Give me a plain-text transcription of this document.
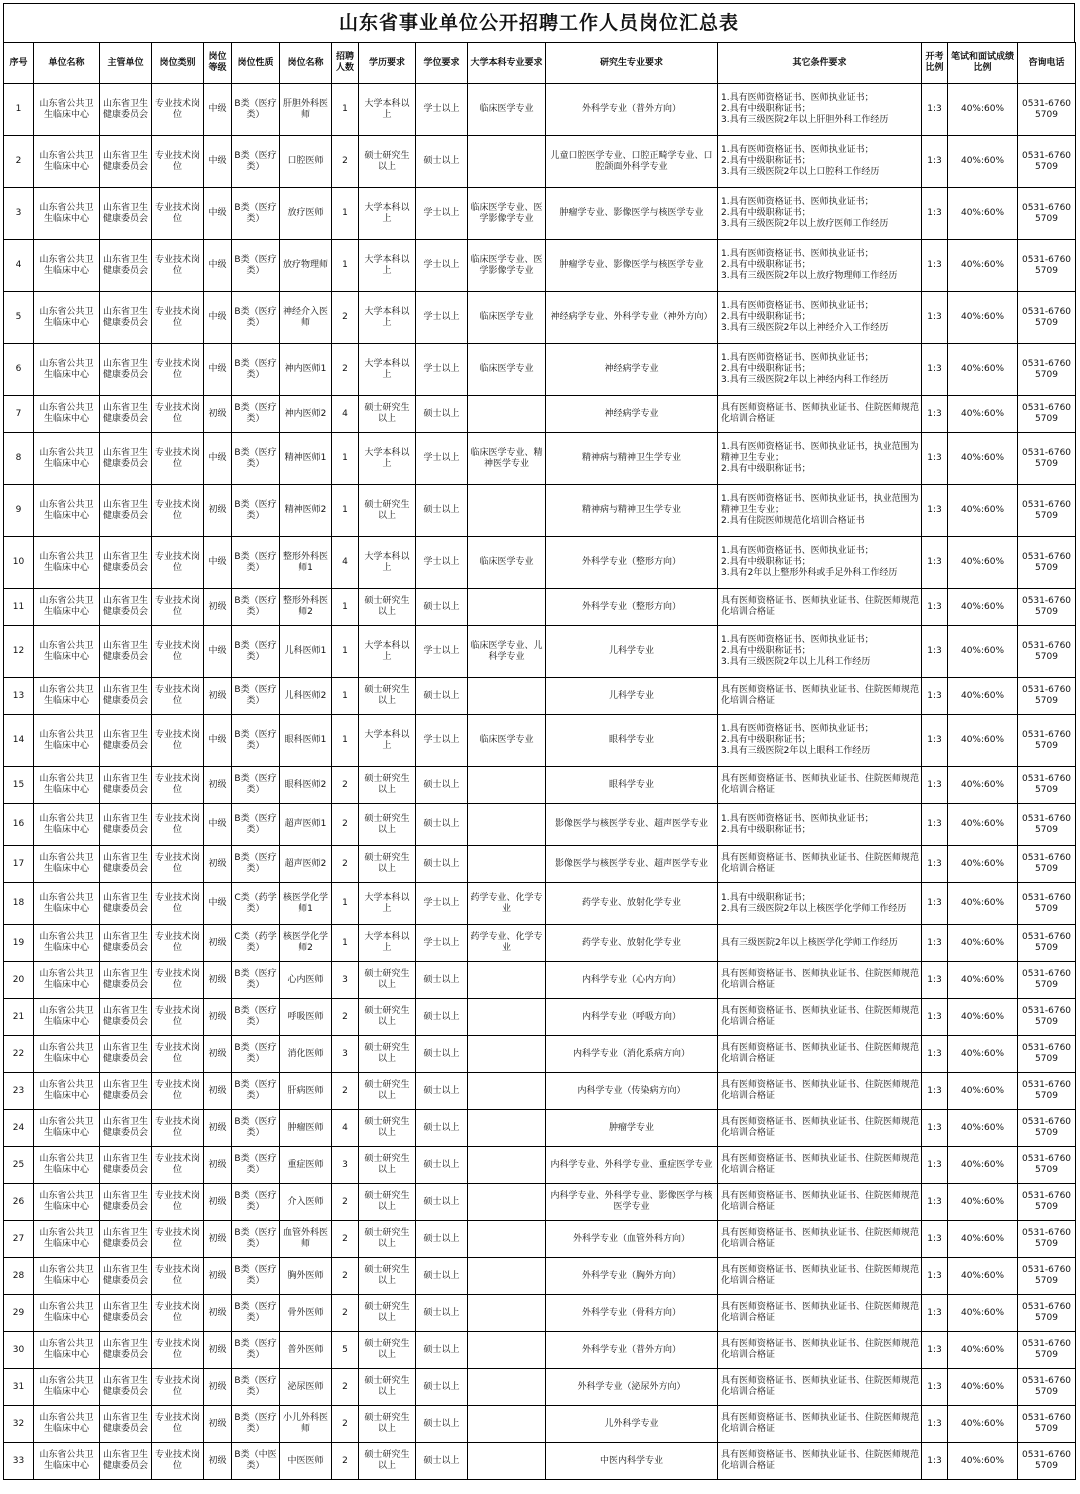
山东省事业单位公开招聘工作人员岗位汇总表
序号	单位名称	主管单位	岗位类别	岗位等级	岗位性质	岗位名称	招聘人数	学历要求	学位要求	大学本科专业要求	研究生专业要求	其它条件要求	开考比例	笔试和面试成绩比例	咨询电话
1	山东省公共卫生临床中心	山东省卫生健康委员会	专业技术岗位	中级	B类（医疗类）	肝胆外科医师	1	大学本科以上	学士以上	临床医学专业	外科学专业（普外方向）	1.具有医师资格证书、医师执业证书；
2.具有中级职称证书；
3.具有三级医院2年以上肝胆外科工作经历	1:3	40%:60%	0531-67605709
2	山东省公共卫生临床中心	山东省卫生健康委员会	专业技术岗位	中级	B类（医疗类）	口腔医师	2	硕士研究生以上	硕士以上		儿童口腔医学专业、口腔正畸学专业、口腔颌面外科学专业	1.具有医师资格证书、医师执业证书；
2.具有中级职称证书；
3.具有三级医院2年以上口腔科工作经历	1:3	40%:60%	0531-67605709
3	山东省公共卫生临床中心	山东省卫生健康委员会	专业技术岗位	中级	B类（医疗类）	放疗医师	1	大学本科以上	学士以上	临床医学专业、医学影像学专业	肿瘤学专业、影像医学与核医学专业	1.具有医师资格证书、医师执业证书；
2.具有中级职称证书；
3.具有三级医院2年以上放疗医师工作经历	1:3	40%:60%	0531-67605709
4	山东省公共卫生临床中心	山东省卫生健康委员会	专业技术岗位	中级	B类（医疗类）	放疗物理师	1	大学本科以上	学士以上	临床医学专业、医学影像学专业	肿瘤学专业、影像医学与核医学专业	1.具有医师资格证书、医师执业证书；
2.具有中级职称证书；
3.具有三级医院2年以上放疗物理师工作经历	1:3	40%:60%	0531-67605709
5	山东省公共卫生临床中心	山东省卫生健康委员会	专业技术岗位	中级	B类（医疗类）	神经介入医师	2	大学本科以上	学士以上	临床医学专业	神经病学专业、外科学专业（神外方向）	1.具有医师资格证书、医师执业证书；
2.具有中级职称证书；
3.具有三级医院2年以上神经介入工作经历	1:3	40%:60%	0531-67605709
6	山东省公共卫生临床中心	山东省卫生健康委员会	专业技术岗位	中级	B类（医疗类）	神内医师1	2	大学本科以上	学士以上	临床医学专业	神经病学专业	1.具有医师资格证书、医师执业证书；
2.具有中级职称证书；
3.具有三级医院2年以上神经内科工作经历	1:3	40%:60%	0531-67605709
7	山东省公共卫生临床中心	山东省卫生健康委员会	专业技术岗位	初级	B类（医疗类）	神内医师2	4	硕士研究生以上	硕士以上		神经病学专业	具有医师资格证书、医师执业证书、住院医师规范化培训合格证	1:3	40%:60%	0531-67605709
8	山东省公共卫生临床中心	山东省卫生健康委员会	专业技术岗位	中级	B类（医疗类）	精神医师1	1	大学本科以上	学士以上	临床医学专业、精神医学专业	精神病与精神卫生学专业	1.具有医师资格证书、医师执业证书，执业范围为精神卫生专业；
2.具有中级职称证书；	1:3	40%:60%	0531-67605709
9	山东省公共卫生临床中心	山东省卫生健康委员会	专业技术岗位	初级	B类（医疗类）	精神医师2	1	硕士研究生以上	硕士以上		精神病与精神卫生学专业	1.具有医师资格证书、医师执业证书，执业范围为精神卫生专业；
2.具有住院医师规范化培训合格证书	1:3	40%:60%	0531-67605709
10	山东省公共卫生临床中心	山东省卫生健康委员会	专业技术岗位	中级	B类（医疗类）	整形外科医师1	4	大学本科以上	学士以上	临床医学专业	外科学专业（整形方向）	1.具有医师资格证书、医师执业证书；
2.具有中级职称证书；
3.具有2年以上整形外科或手足外科工作经历	1:3	40%:60%	0531-67605709
11	山东省公共卫生临床中心	山东省卫生健康委员会	专业技术岗位	初级	B类（医疗类）	整形外科医师2	1	硕士研究生以上	硕士以上		外科学专业（整形方向）	具有医师资格证书、医师执业证书、住院医师规范化培训合格证	1:3	40%:60%	0531-67605709
12	山东省公共卫生临床中心	山东省卫生健康委员会	专业技术岗位	中级	B类（医疗类）	儿科医师1	1	大学本科以上	学士以上	临床医学专业、儿科学专业	儿科学专业	1.具有医师资格证书、医师执业证书；
2.具有中级职称证书；
3.具有三级医院2年以上儿科工作经历	1:3	40%:60%	0531-67605709
13	山东省公共卫生临床中心	山东省卫生健康委员会	专业技术岗位	初级	B类（医疗类）	儿科医师2	1	硕士研究生以上	硕士以上		儿科学专业	具有医师资格证书、医师执业证书、住院医师规范化培训合格证	1:3	40%:60%	0531-67605709
14	山东省公共卫生临床中心	山东省卫生健康委员会	专业技术岗位	中级	B类（医疗类）	眼科医师1	1	大学本科以上	学士以上	临床医学专业	眼科学专业	1.具有医师资格证书、医师执业证书；
2.具有中级职称证书；
3.具有三级医院2年以上眼科工作经历	1:3	40%:60%	0531-67605709
15	山东省公共卫生临床中心	山东省卫生健康委员会	专业技术岗位	初级	B类（医疗类）	眼科医师2	2	硕士研究生以上	硕士以上		眼科学专业	具有医师资格证书、医师执业证书、住院医师规范化培训合格证	1:3	40%:60%	0531-67605709
16	山东省公共卫生临床中心	山东省卫生健康委员会	专业技术岗位	中级	B类（医疗类）	超声医师1	2	硕士研究生以上	硕士以上		影像医学与核医学专业、超声医学专业	1.具有医师资格证书、医师执业证书；
2.具有中级职称证书；	1:3	40%:60%	0531-67605709
17	山东省公共卫生临床中心	山东省卫生健康委员会	专业技术岗位	初级	B类（医疗类）	超声医师2	2	硕士研究生以上	硕士以上		影像医学与核医学专业、超声医学专业	具有医师资格证书、医师执业证书、住院医师规范化培训合格证	1:3	40%:60%	0531-67605709
18	山东省公共卫生临床中心	山东省卫生健康委员会	专业技术岗位	中级	C类（药学类）	核医学化学师1	1	大学本科以上	学士以上	药学专业、化学专业	药学专业、放射化学专业	1.具有中级职称证书；
2.具有三级医院2年以上核医学化学师工作经历	1:3	40%:60%	0531-67605709
19	山东省公共卫生临床中心	山东省卫生健康委员会	专业技术岗位	初级	C类（药学类）	核医学化学师2	1	大学本科以上	学士以上	药学专业、化学专业	药学专业、放射化学专业	具有三级医院2年以上核医学化学师工作经历	1:3	40%:60%	0531-67605709
20	山东省公共卫生临床中心	山东省卫生健康委员会	专业技术岗位	初级	B类（医疗类）	心内医师	3	硕士研究生以上	硕士以上		内科学专业（心内方向）	具有医师资格证书、医师执业证书、住院医师规范化培训合格证	1:3	40%:60%	0531-67605709
21	山东省公共卫生临床中心	山东省卫生健康委员会	专业技术岗位	初级	B类（医疗类）	呼吸医师	2	硕士研究生以上	硕士以上		内科学专业（呼吸方向）	具有医师资格证书、医师执业证书、住院医师规范化培训合格证	1:3	40%:60%	0531-67605709
22	山东省公共卫生临床中心	山东省卫生健康委员会	专业技术岗位	初级	B类（医疗类）	消化医师	3	硕士研究生以上	硕士以上		内科学专业（消化系病方向）	具有医师资格证书、医师执业证书、住院医师规范化培训合格证	1:3	40%:60%	0531-67605709
23	山东省公共卫生临床中心	山东省卫生健康委员会	专业技术岗位	初级	B类（医疗类）	肝病医师	2	硕士研究生以上	硕士以上		内科学专业（传染病方向）	具有医师资格证书、医师执业证书、住院医师规范化培训合格证	1:3	40%:60%	0531-67605709
24	山东省公共卫生临床中心	山东省卫生健康委员会	专业技术岗位	初级	B类（医疗类）	肿瘤医师	4	硕士研究生以上	硕士以上		肿瘤学专业	具有医师资格证书、医师执业证书、住院医师规范化培训合格证	1:3	40%:60%	0531-67605709
25	山东省公共卫生临床中心	山东省卫生健康委员会	专业技术岗位	初级	B类（医疗类）	重症医师	3	硕士研究生以上	硕士以上		内科学专业、外科学专业、重症医学专业	具有医师资格证书、医师执业证书、住院医师规范化培训合格证	1:3	40%:60%	0531-67605709
26	山东省公共卫生临床中心	山东省卫生健康委员会	专业技术岗位	初级	B类（医疗类）	介入医师	2	硕士研究生以上	硕士以上		内科学专业、外科学专业、影像医学与核医学专业	具有医师资格证书、医师执业证书、住院医师规范化培训合格证	1:3	40%:60%	0531-67605709
27	山东省公共卫生临床中心	山东省卫生健康委员会	专业技术岗位	初级	B类（医疗类）	血管外科医师	2	硕士研究生以上	硕士以上		外科学专业（血管外科方向）	具有医师资格证书、医师执业证书、住院医师规范化培训合格证	1:3	40%:60%	0531-67605709
28	山东省公共卫生临床中心	山东省卫生健康委员会	专业技术岗位	初级	B类（医疗类）	胸外医师	2	硕士研究生以上	硕士以上		外科学专业（胸外方向）	具有医师资格证书、医师执业证书、住院医师规范化培训合格证	1:3	40%:60%	0531-67605709
29	山东省公共卫生临床中心	山东省卫生健康委员会	专业技术岗位	初级	B类（医疗类）	骨外医师	2	硕士研究生以上	硕士以上		外科学专业（骨科方向）	具有医师资格证书、医师执业证书、住院医师规范化培训合格证	1:3	40%:60%	0531-67605709
30	山东省公共卫生临床中心	山东省卫生健康委员会	专业技术岗位	初级	B类（医疗类）	普外医师	5	硕士研究生以上	硕士以上		外科学专业（普外方向）	具有医师资格证书、医师执业证书、住院医师规范化培训合格证	1:3	40%:60%	0531-67605709
31	山东省公共卫生临床中心	山东省卫生健康委员会	专业技术岗位	初级	B类（医疗类）	泌尿医师	2	硕士研究生以上	硕士以上		外科学专业（泌尿外方向）	具有医师资格证书、医师执业证书、住院医师规范化培训合格证	1:3	40%:60%	0531-67605709
32	山东省公共卫生临床中心	山东省卫生健康委员会	专业技术岗位	初级	B类（医疗类）	小儿外科医师	2	硕士研究生以上	硕士以上		儿外科学专业	具有医师资格证书、医师执业证书、住院医师规范化培训合格证	1:3	40%:60%	0531-67605709
33	山东省公共卫生临床中心	山东省卫生健康委员会	专业技术岗位	初级	B类（中医类）	中医医师	2	硕士研究生以上	硕士以上		中医内科学专业	具有医师资格证书、医师执业证书、住院医师规范化培训合格证	1:3	40%:60%	0531-67605709
